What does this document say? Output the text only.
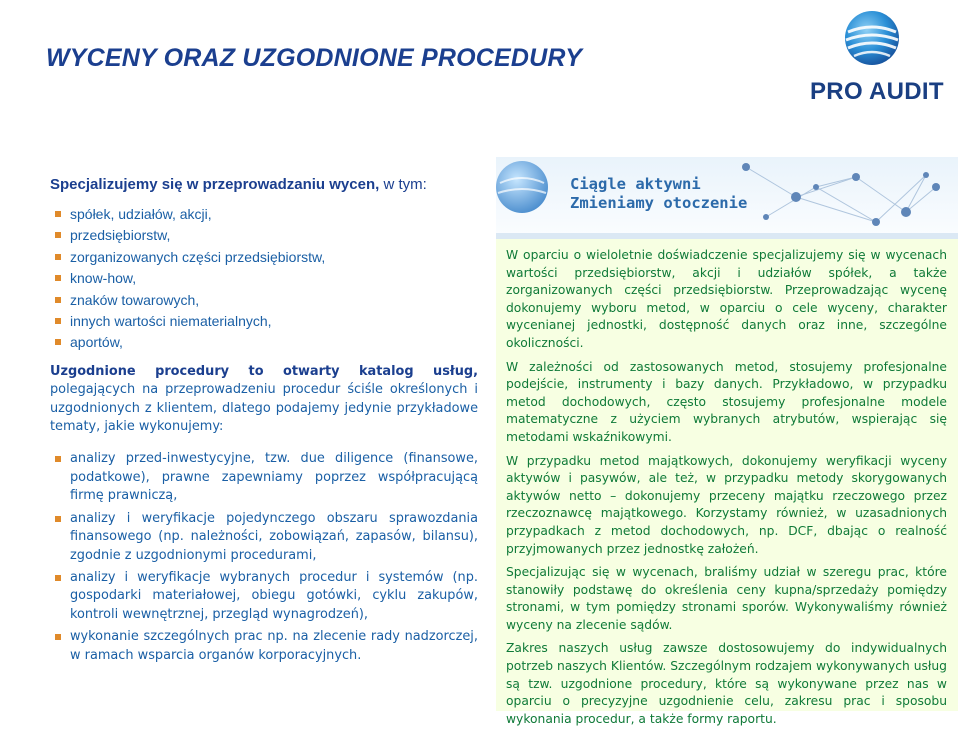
WYCENY ORAZ UZGODNIONE PROCEDURY
PRO AUDIT

Specjalizujemy się w przeprowadzaniu wycen, w tym:

spółek, udziałów, akcji,
przedsiębiorstw,
zorganizowanych części przedsiębiorstw,
know-how,
znaków towarowych,
innych wartości niematerialnych,
aportów,

Uzgodnione procedury to otwarty katalog usług, polegających na przeprowadzeniu procedur ściśle określonych i uzgodnionych z klientem, dlatego podajemy jedynie przykładowe tematy, jakie wykonujemy:

analizy przed-inwestycyjne, tzw. due diligence (finansowe, podatkowe), prawne zapewniamy poprzez współpracującą firmę prawniczą,
analizy i weryfikacje pojedynczego obszaru sprawozdania finansowego (np. należności, zobowiązań, zapasów, bilansu), zgodnie z uzgodnionymi procedurami,
analizy i weryfikacje wybranych procedur i systemów (np. gospodarki materiałowej, obiegu gotówki, cyklu zakupów, kontroli wewnętrznej, przegląd wynagrodzeń),
wykonanie szczególnych prac np. na zlecenie rady nadzorczej, w ramach wsparcia organów korporacyjnych.
Ciągle aktywni
Zmieniamy otoczenie

W oparciu o wieloletnie doświadczenie specjalizujemy się w wycenach wartości przedsiębiorstw, akcji i udziałów spółek, a także zorganizowanych części przedsiębiorstw. Przeprowadzając wycenę dokonujemy wyboru metod, w oparciu o cele wyceny, charakter wycenianej jednostki, dostępność danych oraz inne, szczególne okoliczności.

W zależności od zastosowanych metod, stosujemy profesjonalne podejście, instrumenty i bazy danych. Przykładowo, w przypadku metod dochodowych, często stosujemy profesjonalne modele matematyczne z użyciem wybranych atrybutów, wspierając się metodami wskaźnikowymi.

W przypadku metod majątkowych, dokonujemy weryfikacji wyceny aktywów i pasywów, ale też, w przypadku metody skorygowanych aktywów netto – dokonujemy przeceny majątku rzeczowego przez rzeczoznawcę majątkowego. Korzystamy również, w uzasadnionych przypadkach z metod dochodowych, np. DCF, dbając o realność przyjmowanych przez jednostkę założeń.

Specjalizując się w wycenach, braliśmy udział w szeregu prac, które stanowiły podstawę do określenia ceny kupna/sprzedaży pomiędzy stronami, w tym pomiędzy stronami sporów. Wykonywaliśmy również wyceny na zlecenie sądów.

Zakres naszych usług zawsze dostosowujemy do indywidualnych potrzeb naszych Klientów. Szczególnym rodzajem wykonywanych usług są tzw. uzgodnione procedury, które są wykonywane przez nas w oparciu o precyzyjne uzgodnienie celu, zakresu prac i sposobu wykonania procedur, a także formy raportu.
